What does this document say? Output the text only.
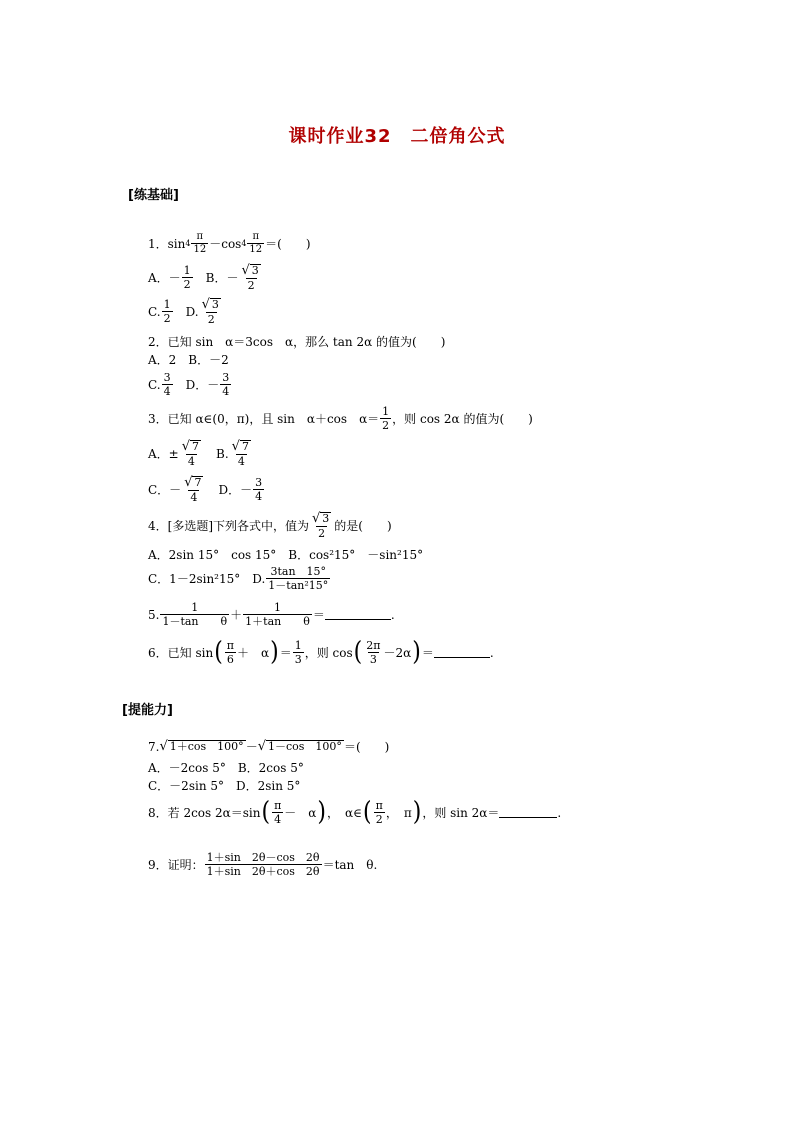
课时作业32　二倍角公式
[练基础]
1． $\sin 4 \frac{\pi}{12} - \cos 4 \frac{\pi}{12}$ ＝(　　)
A．－ $\frac{1}{2}$ 　B．－ $\frac{√ 3}{2}$
C. $\frac{1}{2}$ 　D. $\frac{√ 3}{2}$
2．已知 sin　α＝3cos　α，那么 tan 2α 的值为(　　)
A．2　B．－2
C. $\frac{3}{4}$ 　D．－ $\frac{3}{4}$
3．已知 α∈(0，π)，且 sin　α＋cos　$\alpha= \frac{1}{2}$ ，则 cos 2α 的值为(　　)
A．± $\frac{√ 7}{4}$ 　B. $\frac{√ 7}{4}$
C．－ $\frac{√ 7}{4}$ 　D．－ $\frac{3}{4}$
4．[多选题]下列各式中，值为 $\frac{√ 3}{2}$ 的是(　　)
A．2sin 15°　cos 15°　B．cos²15°　－sin²15°
C．1－2sin²15°　 D. $\frac{3\tan 15^\circ}{\text{1－tan²15°}}$
5. $\frac{1}{\text{1－tan　　θ}} + \frac{1}{\text{1＋tan　　θ}}$ ＝	.
6．已知 sin ( $\frac{\pi}{6}$ ＋　α ) ＝ $\frac{1}{3}$ ，则 cos ( $\frac{2\pi}{3} -2\alpha$ ) ＝	.
[提能力]
7. √ 1＋cos　100° － √ 1－cos　100° ＝(　　)
A．－2cos 5°　B．2cos 5°
C．－2sin 5°　D．2sin 5°
8．若 2cos 2α＝sin ( $\frac{\pi}{4}$ －　α ) ，　α∈ ( $\frac{\pi}{2}$ ，　π ) ，则 sin 2α＝	.
9．证明： $\frac{1+\sin 2\theta-\cos 2\theta}{1+\sin 2\theta+\cos 2\theta} =\tan$　θ.
